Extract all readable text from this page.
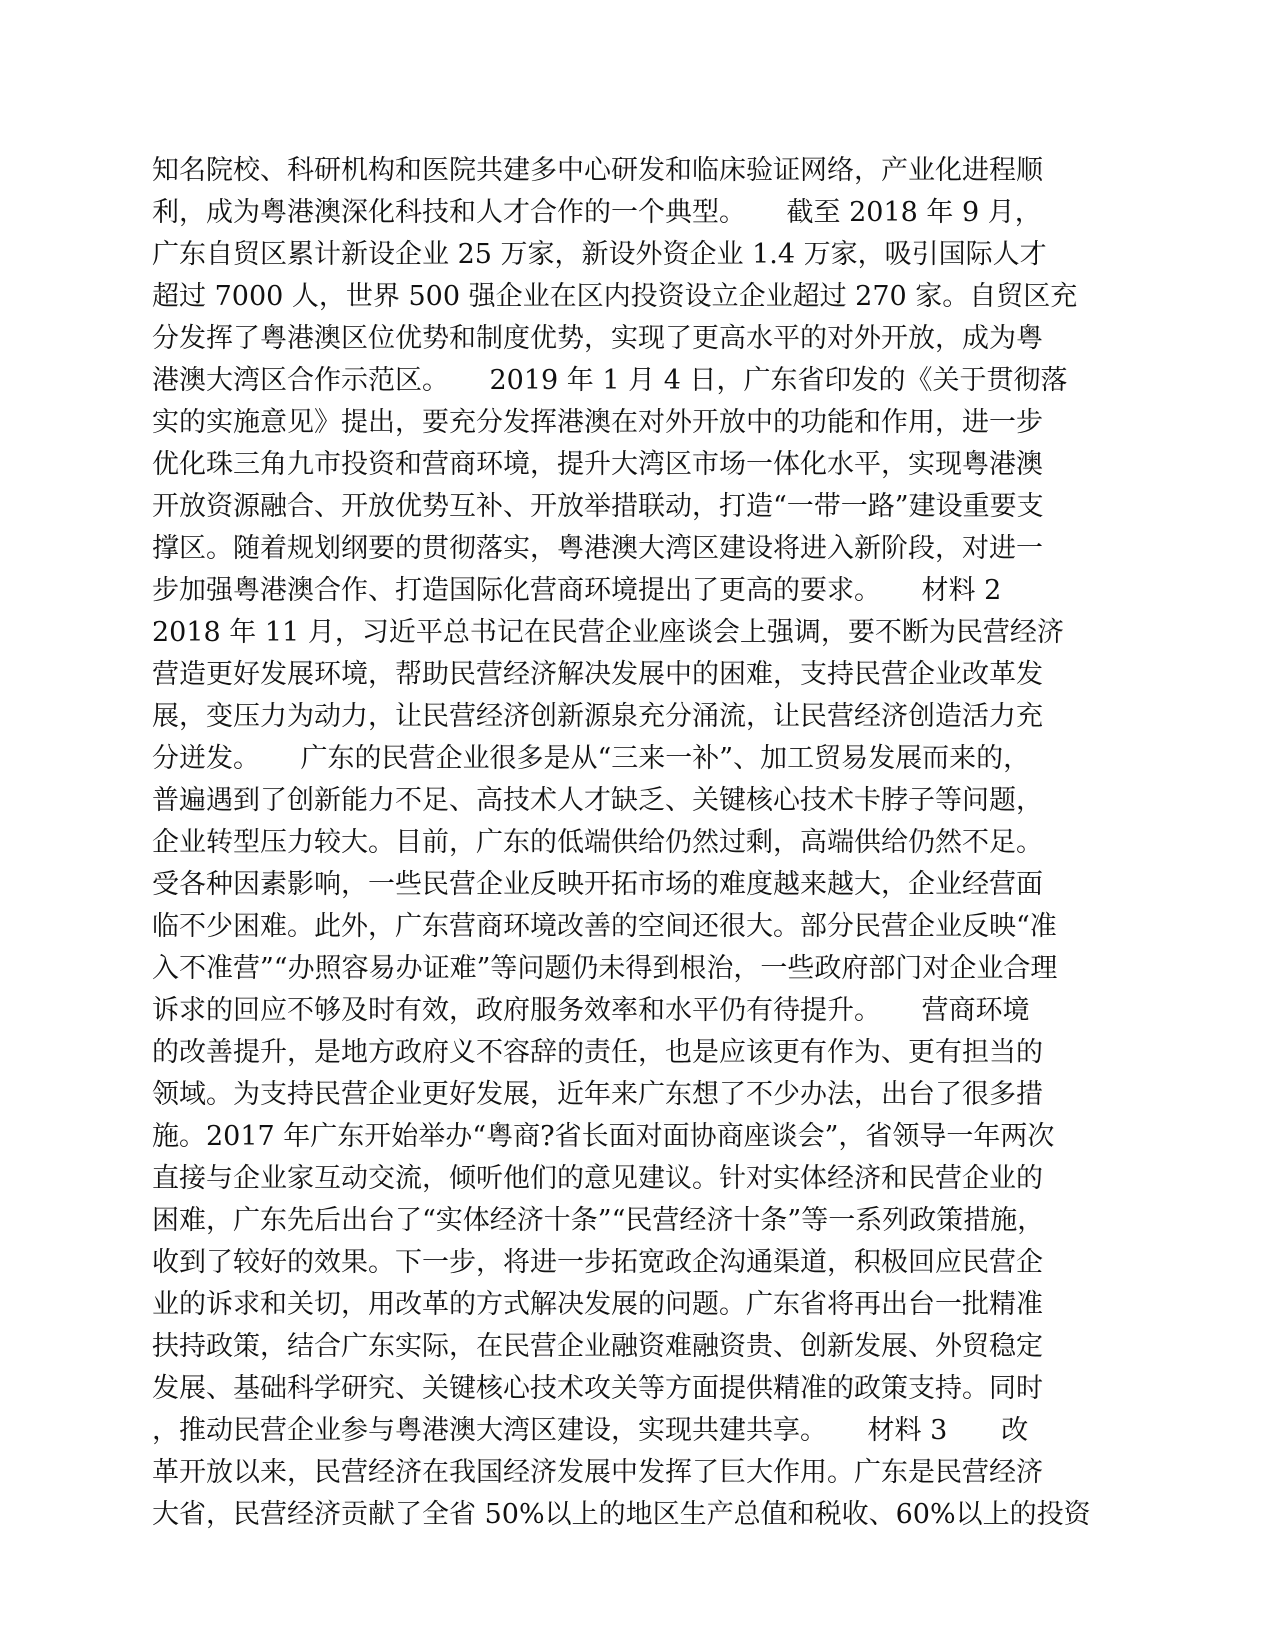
知名院校、科研机构和医院共建多中心研发和临床验证网络，产业化进程顺
利，成为粤港澳深化科技和人才合作的一个典型。　　截至 2018 年 9 月，
广东自贸区累计新设企业 25 万家，新设外资企业 1.4 万家，吸引国际人才
超过 7000 人，世界 500 强企业在区内投资设立企业超过 270 家。自贸区充
分发挥了粤港澳区位优势和制度优势，实现了更高水平的对外开放，成为粤
港澳大湾区合作示范区。　　2019 年 1 月 4 日，广东省印发的《关于贯彻落
实的实施意见》提出，要充分发挥港澳在对外开放中的功能和作用，进一步
优化珠三角九市投资和营商环境，提升大湾区市场一体化水平，实现粤港澳
开放资源融合、开放优势互补、开放举措联动，打造“一带一路”建设重要支
撑区。随着规划纲要的贯彻落实，粤港澳大湾区建设将进入新阶段，对进一
步加强粤港澳合作、打造国际化营商环境提出了更高的要求。　　材料 2
2018 年 11 月，习近平总书记在民营企业座谈会上强调，要不断为民营经济
营造更好发展环境，帮助民营经济解决发展中的困难，支持民营企业改革发
展，变压力为动力，让民营经济创新源泉充分涌流，让民营经济创造活力充
分迸发。　　广东的民营企业很多是从“三来一补”、加工贸易发展而来的，
普遍遇到了创新能力不足、高技术人才缺乏、关键核心技术卡脖子等问题，
企业转型压力较大。目前，广东的低端供给仍然过剩，高端供给仍然不足。
受各种因素影响，一些民营企业反映开拓市场的难度越来越大，企业经营面
临不少困难。此外，广东营商环境改善的空间还很大。部分民营企业反映“准
入不准营”“办照容易办证难”等问题仍未得到根治，一些政府部门对企业合理
诉求的回应不够及时有效，政府服务效率和水平仍有待提升。　　营商环境
的改善提升，是地方政府义不容辞的责任，也是应该更有作为、更有担当的
领域。为支持民营企业更好发展，近年来广东想了不少办法，出台了很多措
施。2017 年广东开始举办“粤商?省长面对面协商座谈会”，省领导一年两次
直接与企业家互动交流，倾听他们的意见建议。针对实体经济和民营企业的
困难，广东先后出台了“实体经济十条”“民营经济十条”等一系列政策措施，
收到了较好的效果。下一步，将进一步拓宽政企沟通渠道，积极回应民营企
业的诉求和关切，用改革的方式解决发展的问题。广东省将再出台一批精准
扶持政策，结合广东实际，在民营企业融资难融资贵、创新发展、外贸稳定
发展、基础科学研究、关键核心技术攻关等方面提供精准的政策支持。同时
，推动民营企业参与粤港澳大湾区建设，实现共建共享。　　材料 3　　改
革开放以来，民营经济在我国经济发展中发挥了巨大作用。广东是民营经济
大省，民营经济贡献了全省 50%以上的地区生产总值和税收、60%以上的投资
